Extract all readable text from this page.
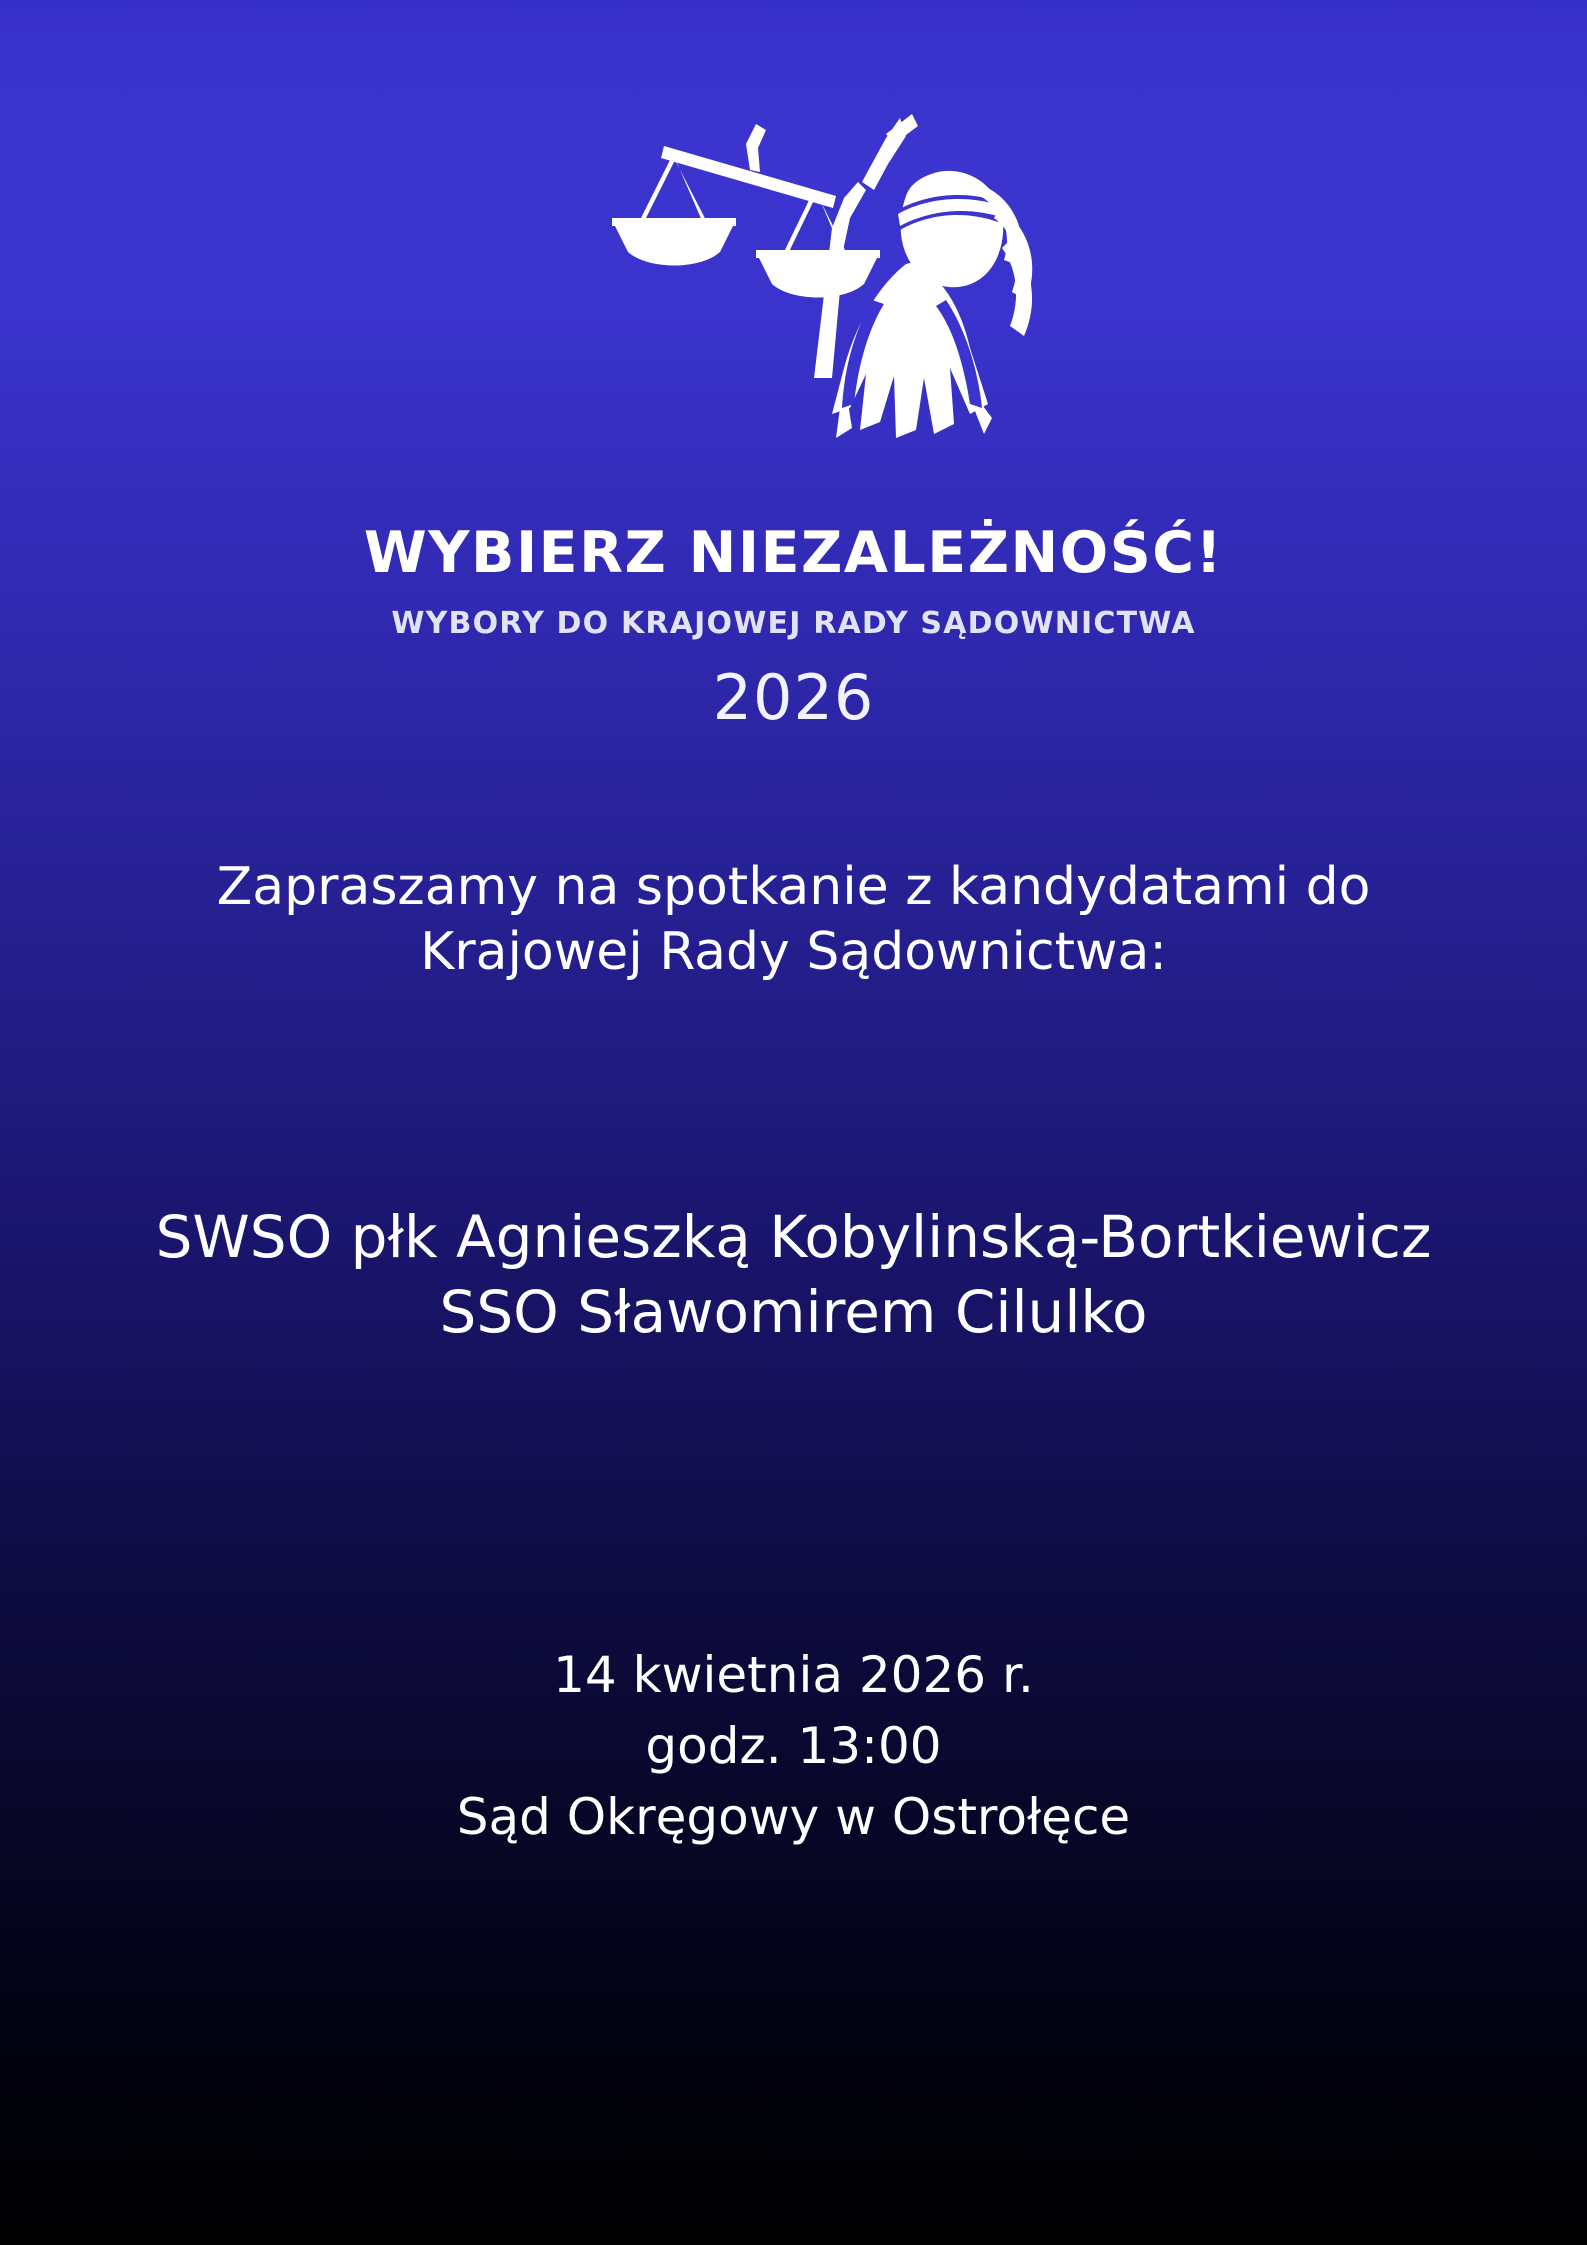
WYBIERZ NIEZALEŻNOŚĆ!
WYBORY DO KRAJOWEJ RADY SĄDOWNICTWA
2026
Zapraszamy na spotkanie z kandydatami do
Krajowej Rady Sądownictwa:
SWSO płk Agnieszką Kobylinską-Bortkiewicz
SSO Sławomirem Cilulko
14 kwietnia 2026 r.
godz. 13:00
Sąd Okręgowy w Ostrołęce
